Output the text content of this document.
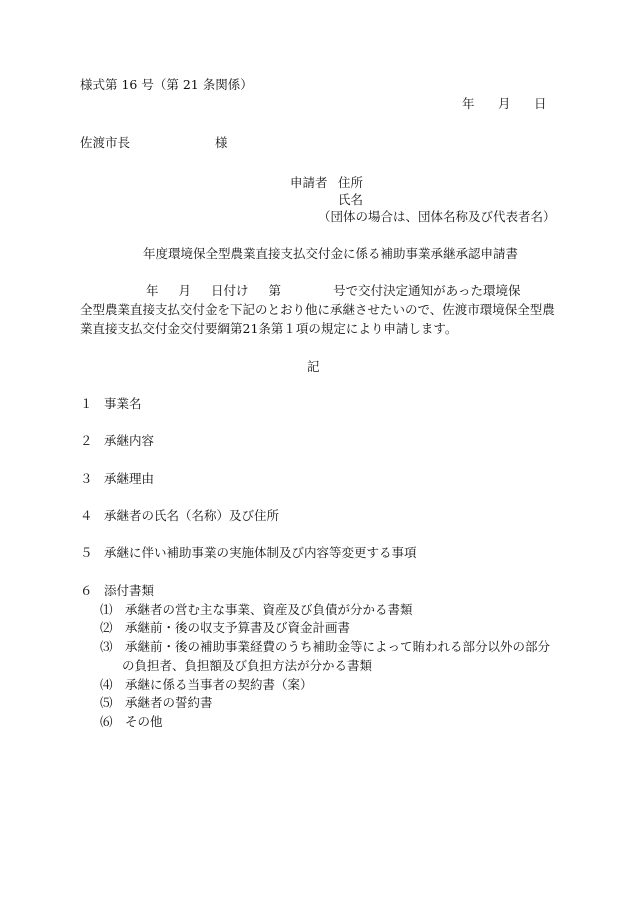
様式第 16 号（第 21 条関係）
年 月 日
佐渡市長	様
申請者 住所
氏名
（団体の場合は、団体名称及び代表者名）
年度環境保全型農業直接支払交付金に係る補助事業承継承認申請書
年 月 日付け 第	号で交付決定通知があった環境保
全型農業直接支払交付金を下記のとおり他に承継させたいので、佐渡市環境保全型農
業直接支払交付金交付要綱第21条第１項の規定により申請します。
記
１ 事業名
２ 承継内容
３ 承継理由
４ 承継者の氏名（名称）及び住所
５ 承継に伴い補助事業の実施体制及び内容等変更する事項
６ 添付書類
⑴ 承継者の営む主な事業、資産及び負債が分かる書類
⑵ 承継前・後の収支予算書及び資金計画書
⑶ 承継前・後の補助事業経費のうち補助金等によって賄われる部分以外の部分
の負担者、負担額及び負担方法が分かる書類
⑷ 承継に係る当事者の契約書（案）
⑸ 承継者の誓約書
⑹ その他
